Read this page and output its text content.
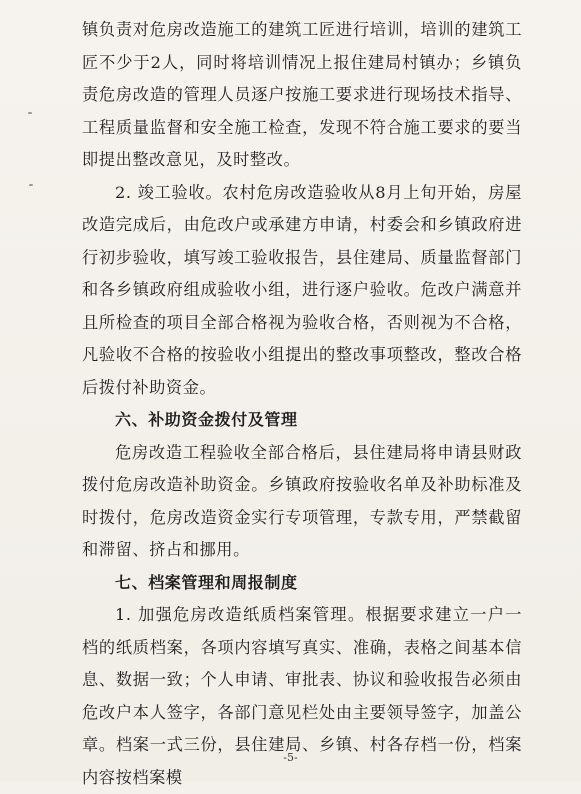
镇负责对危房改造施工的建筑工匠进行培训，培训的建筑工匠不少于2人，同时将培训情况上报住建局村镇办；乡镇负责危房改造的管理人员逐户按施工要求进行现场技术指导、工程质量监督和安全施工检查，发现不符合施工要求的要当即提出整改意见，及时整改。

2. 竣工验收。农村危房改造验收从8月上旬开始，房屋改造完成后，由危改户或承建方申请，村委会和乡镇政府进行初步验收，填写竣工验收报告，县住建局、质量监督部门和各乡镇政府组成验收小组，进行逐户验收。危改户满意并且所检查的项目全部合格视为验收合格，否则视为不合格，凡验收不合格的按验收小组提出的整改事项整改，整改合格后拨付补助资金。

六、补助资金拨付及管理

危房改造工程验收全部合格后，县住建局将申请县财政拨付危房改造补助资金。乡镇政府按验收名单及补助标准及时拨付，危房改造资金实行专项管理，专款专用，严禁截留和滞留、挤占和挪用。

七、档案管理和周报制度

1. 加强危房改造纸质档案管理。根据要求建立一户一档的纸质档案，各项内容填写真实、准确，表格之间基本信息、数据一致；个人申请、审批表、协议和验收报告必须由危改户本人签字，各部门意见栏处由主要领导签字，加盖公章。档案一式三份，县住建局、乡镇、村各存档一份，档案内容按档案模

-5-
